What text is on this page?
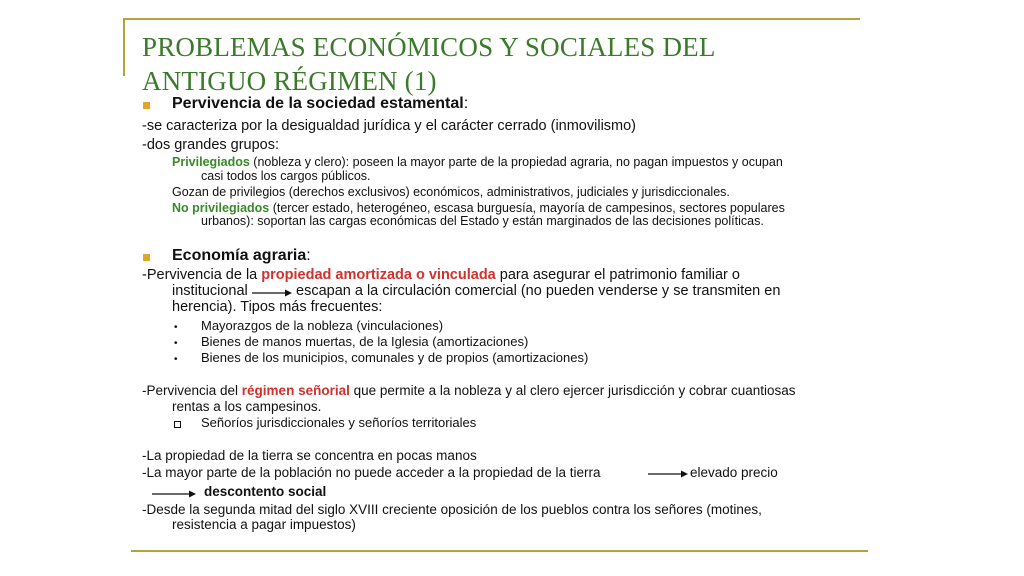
PROBLEMAS ECONÓMICOS Y SOCIALES DEL
ANTIGUO RÉGIMEN (1)
Pervivencia de la sociedad estamental:
-se caracteriza por la desigualdad jurídica y el carácter cerrado (inmovilismo)
-dos grandes grupos:
Privilegiados (nobleza y clero): poseen la mayor parte de la propiedad agraria, no pagan impuestos y ocupan
casi todos los cargos públicos.
Gozan de privilegios (derechos exclusivos) económicos, administrativos, judiciales y jurisdiccionales.
No privilegiados (tercer estado, heterogéneo, escasa burguesía, mayoría de campesinos, sectores populares
urbanos): soportan las cargas económicas del Estado y están marginados de las decisiones políticas.
Economía agraria:
-Pervivencia de la propiedad amortizada o vinculada para asegurar el patrimonio familiar o
institucional	escapan a la circulación comercial (no pueden venderse y se transmiten en
herencia). Tipos más frecuentes:
• Mayorazgos de la nobleza (vinculaciones)
• Bienes de manos muertas, de la Iglesia (amortizaciones)
• Bienes de los municipios, comunales y de propios (amortizaciones)
-Pervivencia del régimen señorial que permite a la nobleza y al clero ejercer jurisdicción y cobrar cuantiosas
rentas a los campesinos.
Señoríos jurisdiccionales y señoríos territoriales
-La propiedad de la tierra se concentra en pocas manos
-La mayor parte de la población no puede acceder a la propiedad de la tierra	elevado precio
descontento social
-Desde la segunda mitad del siglo XVIII creciente oposición de los pueblos contra los señores (motines,
resistencia a pagar impuestos)
